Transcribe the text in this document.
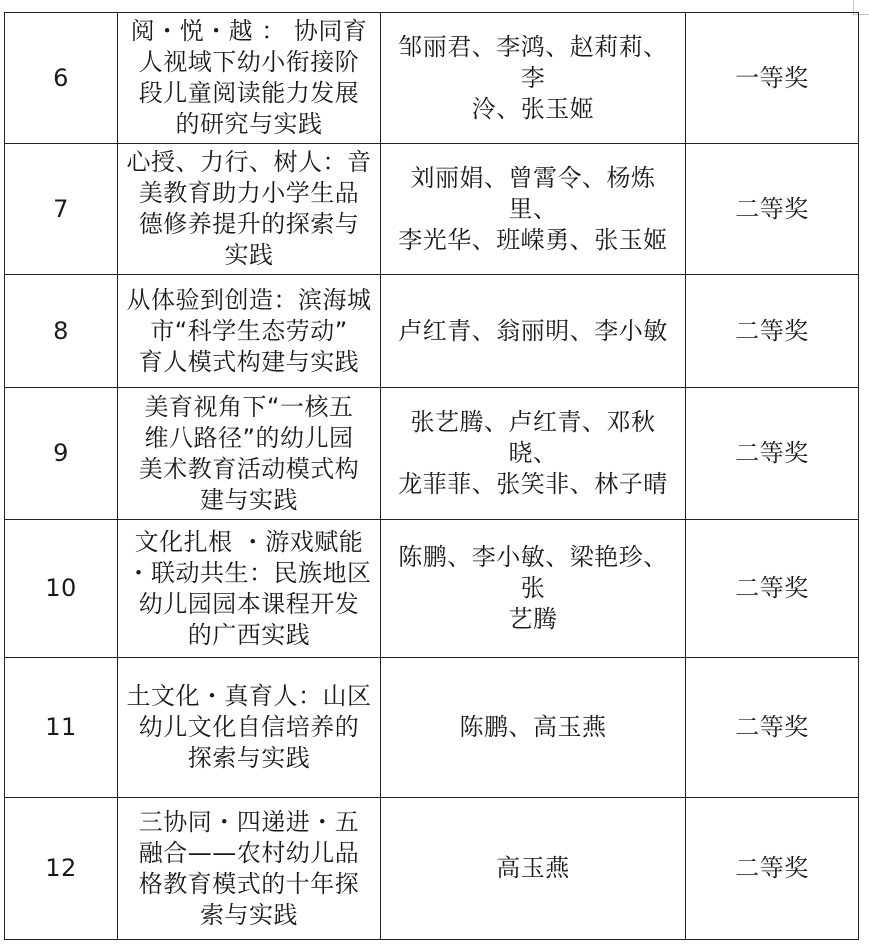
6	阅・悦・越 ： 协同育
人视域下幼小衔接阶
段儿童阅读能力发展
的研究与实践	邹丽君、李鸿、赵莉莉、李
泠、张玉姬	一等奖
7	心授、力行、树人：音
美教育助力小学生品
德修养提升的探索与
实践	刘丽娟、曾霄令、杨炼里、
李光华、班嵘勇、张玉姬	二等奖
8	从体验到创造：滨海城
市“科学生态劳动”
育人模式构建与实践	卢红青、翁丽明、李小敏	二等奖
9	美育视角下“一核五
维八路径”的幼儿园
美术教育活动模式构
建与实践	张艺腾、卢红青、邓秋晓、
龙菲菲、张笑非、林子晴	二等奖
10	文化扎根 ・游戏赋能
・联动共生：民族地区
幼儿园园本课程开发
的广西实践	陈鹏、李小敏、梁艳珍、张
艺腾	二等奖
11	土文化・真育人：山区
幼儿文化自信培养的
探索与实践	陈鹏、高玉燕	二等奖
12	三协同・四递进・五
融合——农村幼儿品
格教育模式的十年探
索与实践	高玉燕	二等奖
